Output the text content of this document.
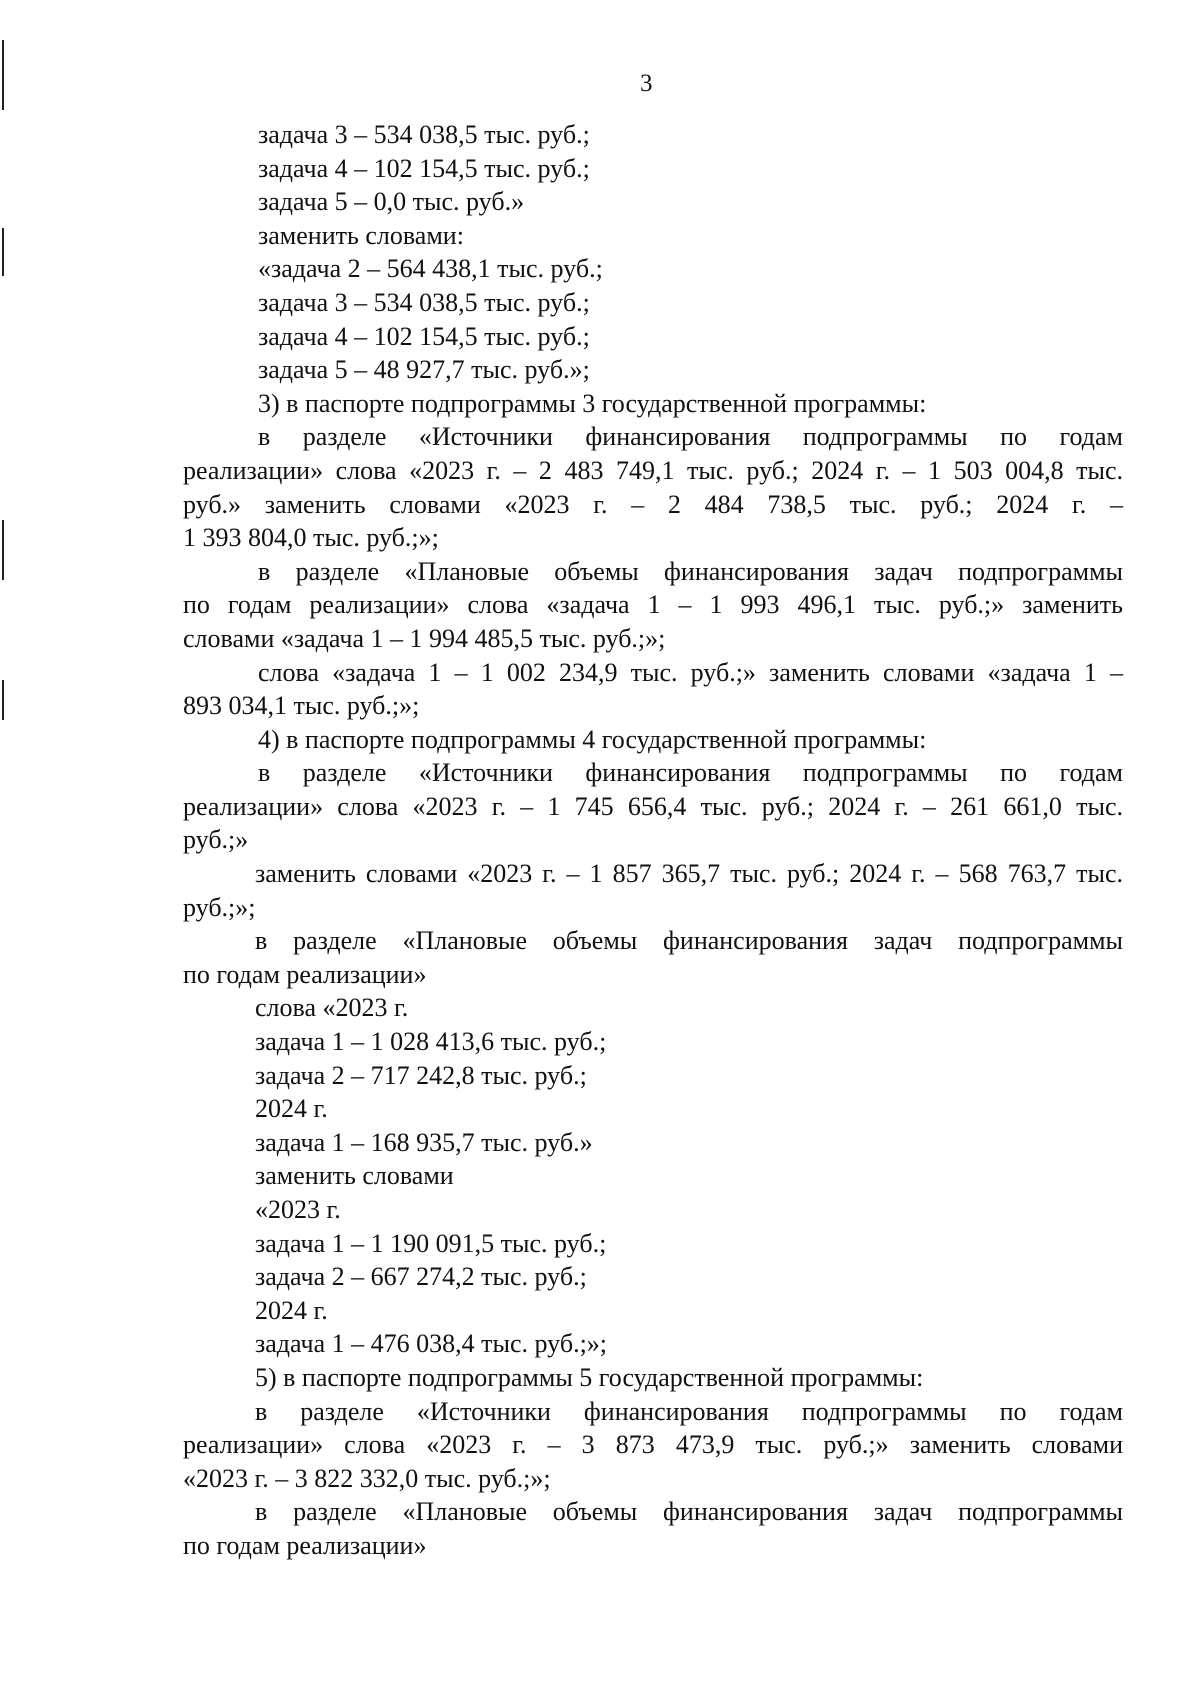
3
задача 3 – 534 038,5 тыс. руб.;
задача 4 – 102 154,5 тыс. руб.;
задача 5 – 0,0 тыс. руб.»
заменить словами:
«задача 2 – 564 438,1 тыс. руб.;
задача 3 – 534 038,5 тыс. руб.;
задача 4 – 102 154,5 тыс. руб.;
задача 5 – 48 927,7 тыс. руб.»;
3) в паспорте подпрограммы 3 государственной программы:
в разделе «Источники финансирования подпрограммы по годам
реализации» слова «2023 г. – 2 483 749,1 тыс. руб.; 2024 г. – 1 503 004,8 тыс.
руб.» заменить словами «2023 г. – 2 484 738,5 тыс. руб.; 2024 г. –
1 393 804,0 тыс. руб.;»;
в разделе «Плановые объемы финансирования задач подпрограммы
по годам реализации» слова «задача 1 – 1 993 496,1 тыс. руб.;» заменить
словами «задача 1 – 1 994 485,5 тыс. руб.;»;
слова «задача 1 – 1 002 234,9 тыс. руб.;» заменить словами «задача 1 –
893 034,1 тыс. руб.;»;
4) в паспорте подпрограммы 4 государственной программы:
в разделе «Источники финансирования подпрограммы по годам
реализации» слова «2023 г. – 1 745 656,4 тыс. руб.; 2024 г. – 261 661,0 тыс.
руб.;»
заменить словами «2023 г. – 1 857 365,7 тыс. руб.; 2024 г. – 568 763,7 тыс.
руб.;»;
в разделе «Плановые объемы финансирования задач подпрограммы
по годам реализации»
слова «2023 г.
задача 1 – 1 028 413,6 тыс. руб.;
задача 2 – 717 242,8 тыс. руб.;
2024 г.
задача 1 – 168 935,7 тыс. руб.»
заменить словами
«2023 г.
задача 1 – 1 190 091,5 тыс. руб.;
задача 2 – 667 274,2 тыс. руб.;
2024 г.
задача 1 – 476 038,4 тыс. руб.;»;
5) в паспорте подпрограммы 5 государственной программы:
в разделе «Источники финансирования подпрограммы по годам
реализации» слова «2023 г. – 3 873 473,9 тыс. руб.;» заменить словами
«2023 г. – 3 822 332,0 тыс. руб.;»;
в разделе «Плановые объемы финансирования задач подпрограммы
по годам реализации»
